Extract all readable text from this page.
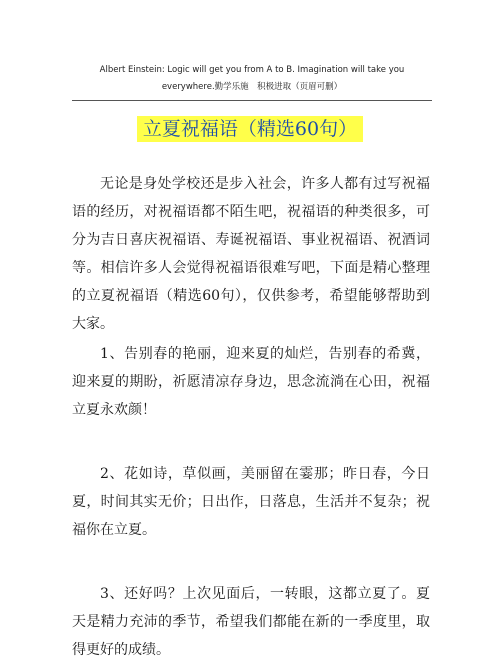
Albert Einstein: Logic will get you from A to B. Imagination will take you everywhere.勤学乐施　积极进取（页眉可删）
立夏祝福语（精选60句）

无论是身处学校还是步入社会，许多人都有过写祝福语的经历，对祝福语都不陌生吧，祝福语的种类很多，可分为吉日喜庆祝福语、寿诞祝福语、事业祝福语、祝酒词等。相信许多人会觉得祝福语很难写吧，下面是精心整理的立夏祝福语（精选60句），仅供参考，希望能够帮助到大家。

1、告别春的艳丽，迎来夏的灿烂，告别春的希冀，迎来夏的期盼，祈愿清凉存身边，思念流淌在心田，祝福立夏永欢颜！

2、花如诗，草似画，美丽留在霎那；昨日春，今日夏，时间其实无价；日出作，日落息，生活并不复杂；祝福你在立夏。

3、还好吗？上次见面后，一转眼，这都立夏了。夏天是精力充沛的季节，希望我们都能在新的一季度里，取得更好的成绩。
